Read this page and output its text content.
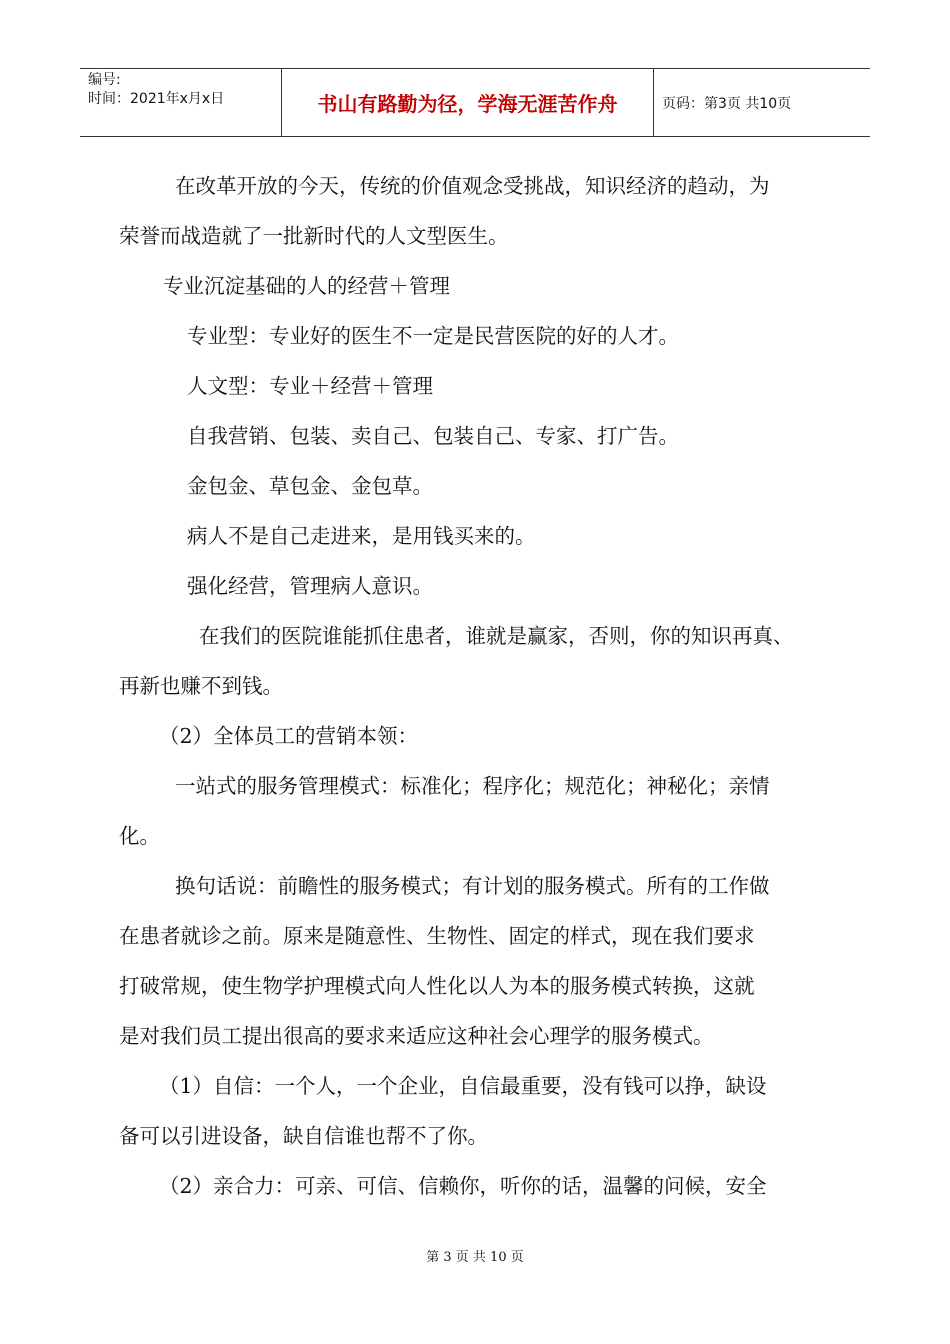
编号:
时间：2021年x月x日	书山有路勤为径，学海无涯苦作舟	页码：第3页 共10页
在改革开放的今天，传统的价值观念受挑战，知识经济的趋动，为
荣誉而战造就了一批新时代的人文型医生。
专业沉淀基础的人的经营＋管理
专业型：专业好的医生不一定是民营医院的好的人才。
人文型：专业＋经营＋管理
自我营销、包装、卖自己、包装自己、专家、打广告。
金包金、草包金、金包草。
病人不是自己走进来，是用钱买来的。
强化经营，管理病人意识。
在我们的医院谁能抓住患者，谁就是赢家，否则，你的知识再真、
再新也赚不到钱。
（2）全体员工的营销本领：
一站式的服务管理模式：标准化；程序化；规范化；神秘化；亲情
化。
换句话说：前瞻性的服务模式；有计划的服务模式。所有的工作做
在患者就诊之前。原来是随意性、生物性、固定的样式，现在我们要求
打破常规，使生物学护理模式向人性化以人为本的服务模式转换，这就
是对我们员工提出很高的要求来适应这种社会心理学的服务模式。
（1）自信：一个人，一个企业，自信最重要，没有钱可以挣，缺设
备可以引进设备，缺自信谁也帮不了你。
（2）亲合力：可亲、可信、信赖你，听你的话，温馨的问候，安全
第 3 页 共 10 页
